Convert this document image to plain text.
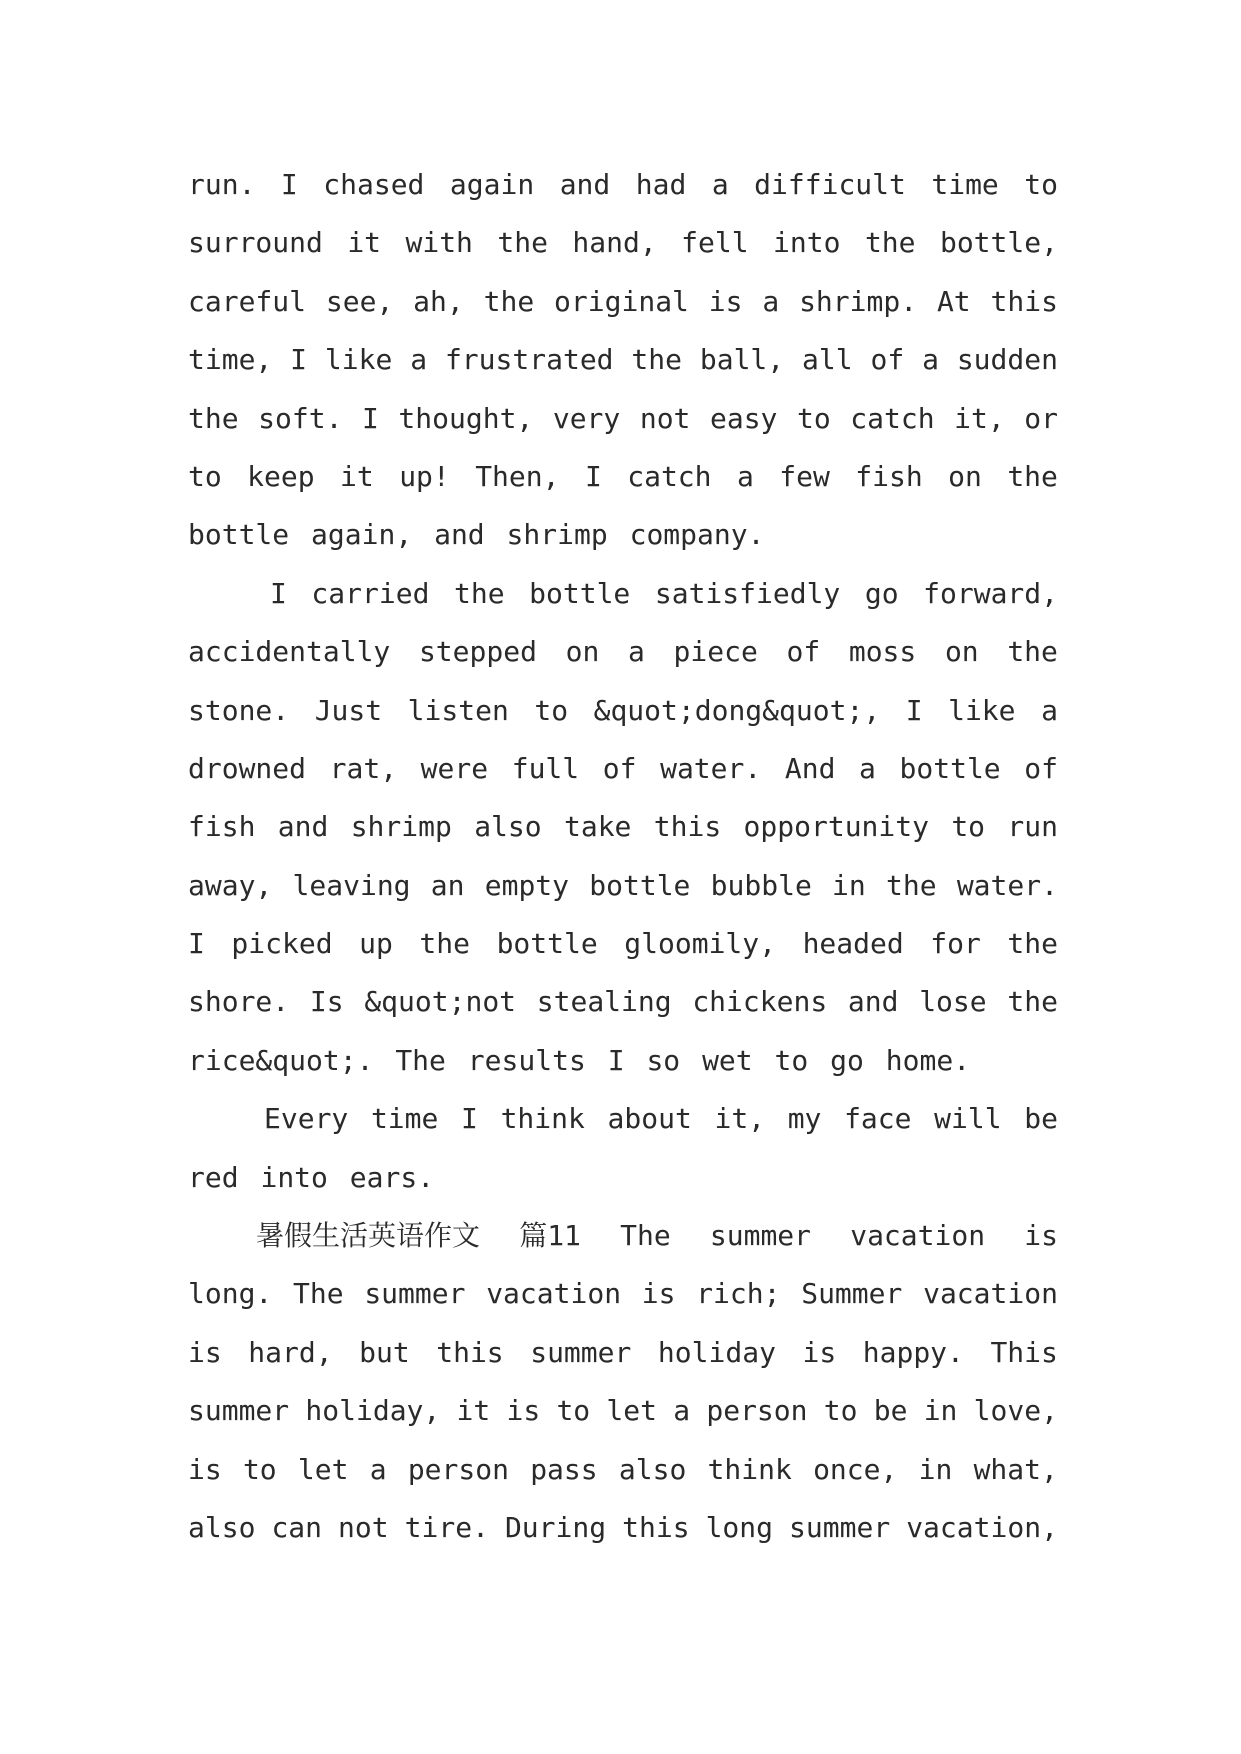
run. I chased again and had a difficult time to
surround it with the hand, fell into the bottle,
careful see, ah, the original is a shrimp. At this
time, I like a frustrated the ball, all of a sudden
the soft. I thought, very not easy to catch it, or
to keep it up! Then, I catch a few fish on the
bottle again, and shrimp company.
I carried the bottle satisfiedly go forward,
accidentally stepped on a piece of moss on the
stone. Just listen to &quot;dong&quot;, I like a
drowned rat, were full of water. And a bottle of
fish and shrimp also take this opportunity to run
away, leaving an empty bottle bubble in the water.
I picked up the bottle gloomily, headed for the
shore. Is &quot;not stealing chickens and lose the
rice&quot;. The results I so wet to go home.
Every time I think about it, my face will be
red into ears.
暑假生活英语作文 篇11 The summer vacation is
long. The summer vacation is rich; Summer vacation
is hard, but this summer holiday is happy. This
summer holiday, it is to let a person to be in love,
is to let a person pass also think once, in what,
also can not tire. During this long summer vacation,
